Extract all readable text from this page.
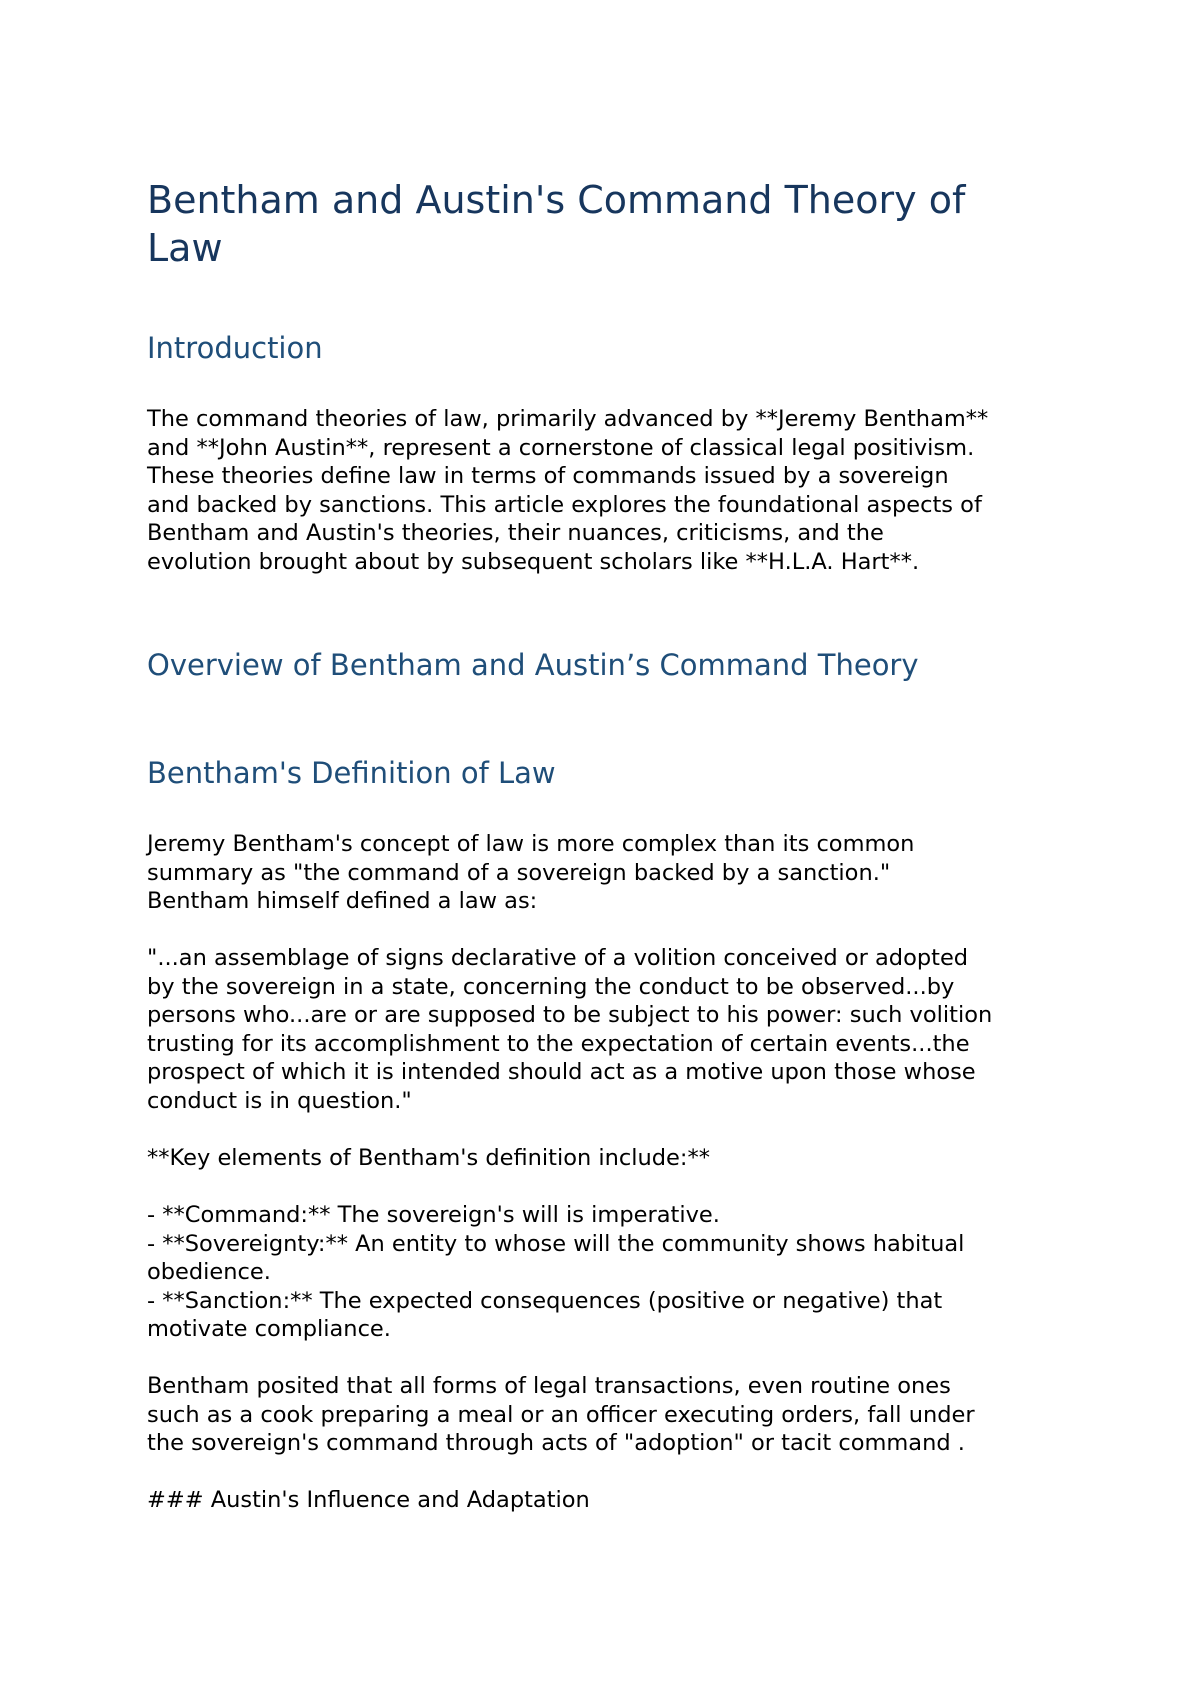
Bentham and Austin's Command Theory of
Law
Introduction
The command theories of law, primarily advanced by **Jeremy Bentham**
and **John Austin**, represent a cornerstone of classical legal positivism.
These theories define law in terms of commands issued by a sovereign
and backed by sanctions. This article explores the foundational aspects of
Bentham and Austin's theories, their nuances, criticisms, and the
evolution brought about by subsequent scholars like **H.L.A. Hart**.
Overview of Bentham and Austin’s Command Theory
Bentham's Definition of Law
Jeremy Bentham's concept of law is more complex than its common
summary as "the command of a sovereign backed by a sanction."
Bentham himself defined a law as:
"...an assemblage of signs declarative of a volition conceived or adopted
by the sovereign in a state, concerning the conduct to be observed...by
persons who...are or are supposed to be subject to his power: such volition
trusting for its accomplishment to the expectation of certain events...the
prospect of which it is intended should act as a motive upon those whose
conduct is in question."
**Key elements of Bentham's definition include:**
- **Command:** The sovereign's will is imperative.
- **Sovereignty:** An entity to whose will the community shows habitual
obedience.
- **Sanction:** The expected consequences (positive or negative) that
motivate compliance.
Bentham posited that all forms of legal transactions, even routine ones
such as a cook preparing a meal or an officer executing orders, fall under
the sovereign's command through acts of "adoption" or tacit command .
### Austin's Influence and Adaptation
